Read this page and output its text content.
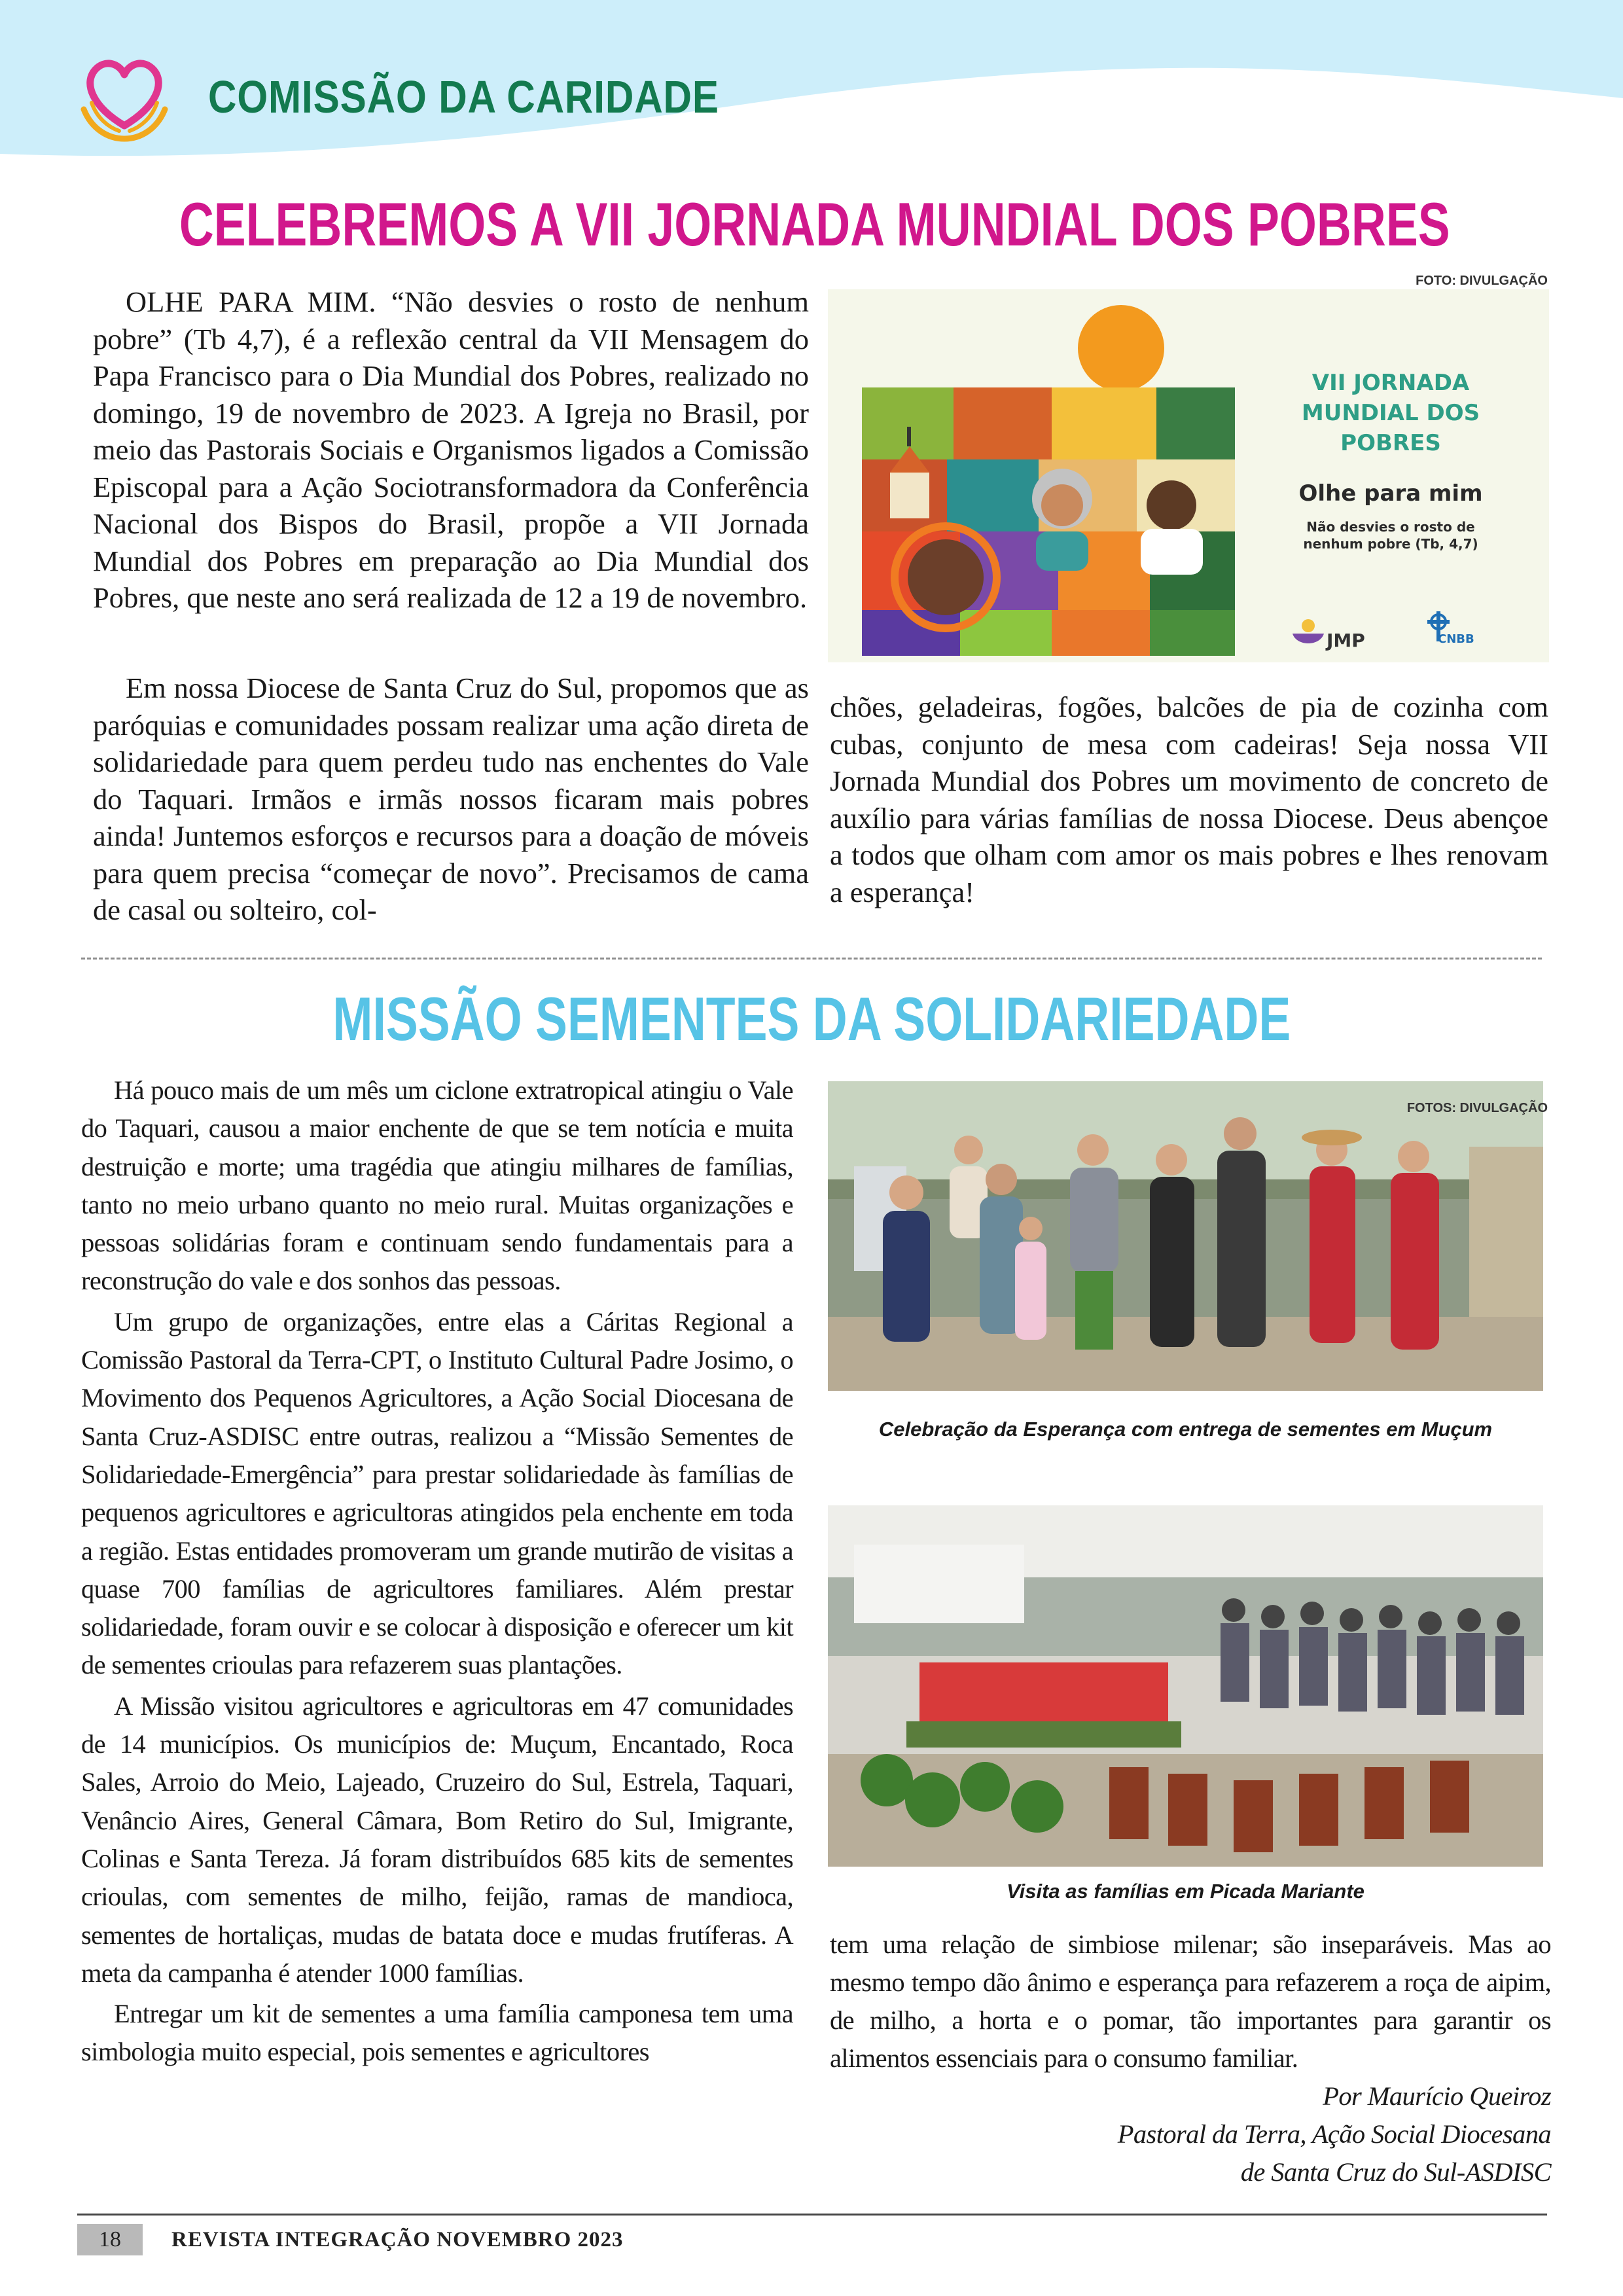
COMISSÃO DA CARIDADE
CELEBREMOS A VII JORNADA MUNDIAL DOS POBRES
FOTO: DIVULGAÇÃO

OLHE PARA MIM. “Não desvies o rosto de nenhum pobre” (Tb 4,7), é a reflexão central da VII Mensagem do Papa Francisco para o Dia Mundial dos Pobres, realizado no domingo, 19 de novembro de 2023. A Igreja no Brasil, por meio das Pastorais Sociais e Organismos ligados a Comissão Episcopal para a Ação Sociotransformadora da Conferência Nacional dos Bispos do Brasil, propõe a VII Jornada Mundial dos Pobres em preparação ao Dia Mundial dos Pobres, que neste ano será realizada de 12 a 19 de novembro.

Em nossa Diocese de Santa Cruz do Sul, propomos que as paróquias e comunidades possam realizar uma ação direta de solidariedade para quem perdeu tudo nas enchentes do Vale do Taquari. Irmãos e irmãs nossos ficaram mais pobres ainda! Juntemos esforços e recursos para a doação de móveis para quem precisa “começar de novo”. Precisamos de cama de casal ou solteiro, col-

chões, geladeiras, fogões, balcões de pia de cozinha com cubas, conjunto de mesa com cadeiras! Seja nossa VII Jornada Mundial dos Pobres um movimento de concreto de auxílio para várias famílias de nossa Diocese. Deus abençoe a todos que olham com amor os mais pobres e lhes renovam a esperança!

VII JORNADA
MUNDIAL DOS
POBRES
Olhe para mim
Não desvies o rosto de
nenhum pobre (Tb, 4,7)
JMP	CNBB
MISSÃO SEMENTES DA SOLIDARIEDADE

Há pouco mais de um mês um ciclone extratropical atingiu o Vale do Taquari, causou a maior enchente de que se tem notícia e muita destruição e morte; uma tragédia que atingiu milhares de famílias, tanto no meio urbano quanto no meio rural. Muitas organizações e pessoas solidárias foram e continuam sendo fundamentais para a reconstrução do vale e dos sonhos das pessoas.

Um grupo de organizações, entre elas a Cáritas Regional a Comissão Pastoral da Terra-CPT, o Instituto Cultural Padre Josimo, o Movimento dos Pequenos Agricultores, a Ação Social Diocesana de Santa Cruz-ASDISC entre outras, realizou a “Missão Sementes de Solidariedade-Emergência” para prestar solidariedade às famílias de pequenos agricultores e agricultoras atingidos pela enchente em toda a região. Estas entidades promoveram um grande mutirão de visitas a quase 700 famílias de agricultores familiares. Além prestar solidariedade, foram ouvir e se colocar à disposição e oferecer um kit de sementes crioulas para refazerem suas plantações.

A Missão visitou agricultores e agricultoras em 47 comunidades de 14 municípios. Os municípios de: Muçum, Encantado, Roca Sales, Arroio do Meio, Lajeado, Cruzeiro do Sul, Estrela, Taquari, Venâncio Aires, General Câmara, Bom Retiro do Sul, Imigrante, Colinas e Santa Tereza. Já foram distribuídos 685 kits de sementes crioulas, com sementes de milho, feijão, ramas de mandioca, sementes de hortaliças, mudas de batata doce e mudas frutíferas. A meta da campanha é atender 1000 famílias.

Entregar um kit de sementes a uma família camponesa tem uma simbologia muito especial, pois sementes e agricultores

FOTOS: DIVULGAÇÃO
Celebração da Esperança com entrega de sementes em Muçum
Visita as famílias em Picada Mariante

tem uma relação de simbiose milenar; são inseparáveis. Mas ao mesmo tempo dão ânimo e esperança para refazerem a roça de aipim, de milho, a horta e o pomar, tão importantes para garantir os alimentos essenciais para o consumo familiar.

Por Maurício Queiroz
Pastoral da Terra, Ação Social Diocesana
de Santa Cruz do Sul-ASDISC
18	REVISTA INTEGRAÇÃO NOVEMBRO 2023
